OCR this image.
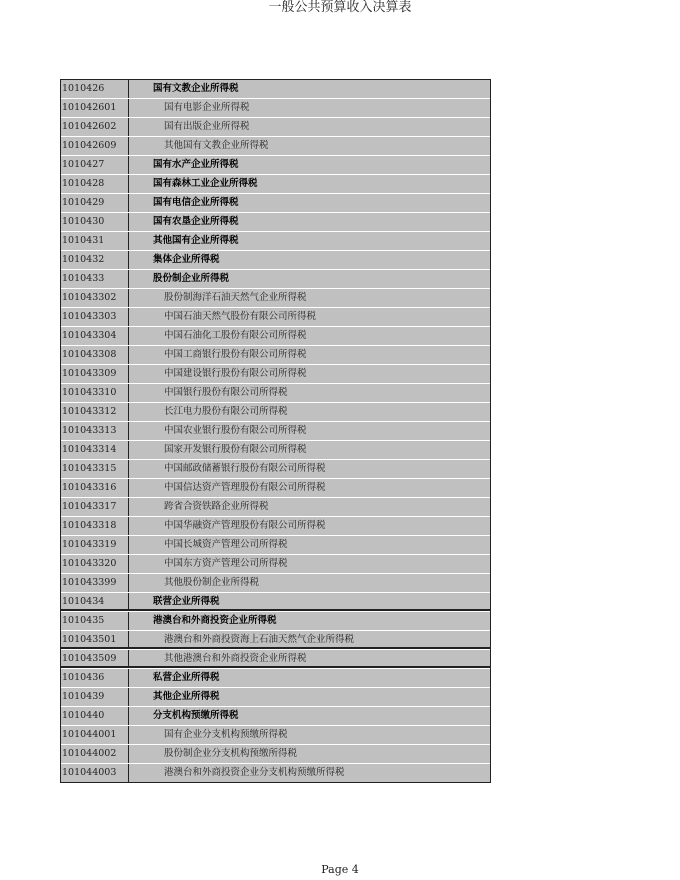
一般公共预算收入决算表
1010426	国有文教企业所得税
101042601	国有电影企业所得税
101042602	国有出版企业所得税
101042609	其他国有文教企业所得税
1010427	国有水产企业所得税
1010428	国有森林工业企业所得税
1010429	国有电信企业所得税
1010430	国有农垦企业所得税
1010431	其他国有企业所得税
1010432	集体企业所得税
1010433	股份制企业所得税
101043302	股份制海洋石油天然气企业所得税
101043303	中国石油天然气股份有限公司所得税
101043304	中国石油化工股份有限公司所得税
101043308	中国工商银行股份有限公司所得税
101043309	中国建设银行股份有限公司所得税
101043310	中国银行股份有限公司所得税
101043312	长江电力股份有限公司所得税
101043313	中国农业银行股份有限公司所得税
101043314	国家开发银行股份有限公司所得税
101043315	中国邮政储蓄银行股份有限公司所得税
101043316	中国信达资产管理股份有限公司所得税
101043317	跨省合资铁路企业所得税
101043318	中国华融资产管理股份有限公司所得税
101043319	中国长城资产管理公司所得税
101043320	中国东方资产管理公司所得税
101043399	其他股份制企业所得税
1010434	联营企业所得税
1010435	港澳台和外商投资企业所得税
101043501	港澳台和外商投资海上石油天然气企业所得税
101043509	其他港澳台和外商投资企业所得税
1010436	私营企业所得税
1010439	其他企业所得税
1010440	分支机构预缴所得税
101044001	国有企业分支机构预缴所得税
101044002	股份制企业分支机构预缴所得税
101044003	港澳台和外商投资企业分支机构预缴所得税
Page 4
